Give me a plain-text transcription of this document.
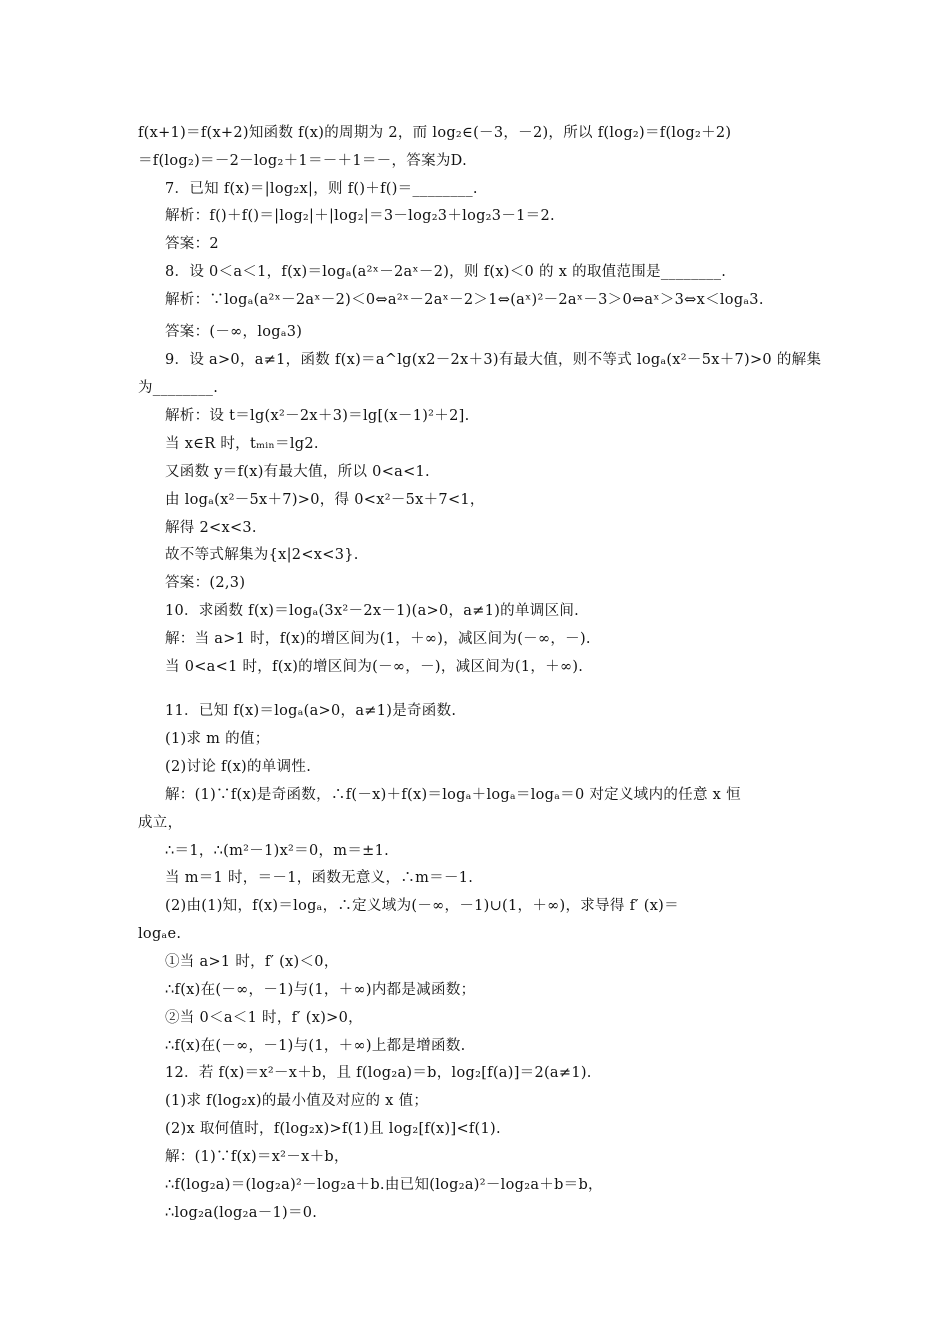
f(x+1)＝f(x+2)知函数 f(x)的周期为 2，而 log₂∈(－3，－2)，所以 f(log₂)＝f(log₂＋2)
＝f(log₂)＝－2－log₂＋1＝－＋1＝－，答案为D.
7．已知 f(x)＝|log₂x|，则 f()＋f()＝________.
解析：f()＋f()＝|log₂|＋|log₂|＝3－log₂3＋log₂3－1＝2.
答案：2
8．设 0＜a＜1，f(x)＝logₐ(a²ˣ－2aˣ－2)，则 f(x)＜0 的 x 的取值范围是________.
解析：∵logₐ(a²ˣ－2aˣ－2)＜0⇔a²ˣ－2aˣ－2＞1⇔(aˣ)²－2aˣ－3＞0⇔aˣ＞3⇔x＜logₐ3.
答案：(－∞，logₐ3)
9．设 a>0，a≠1，函数 f(x)＝a^lg(x2－2x＋3)有最大值，则不等式 logₐ(x²－5x＋7)>0 的解集
为________.
解析：设 t＝lg(x²－2x＋3)＝lg[(x－1)²＋2].
当 x∈R 时，tₘᵢₙ＝lg2.
又函数 y＝f(x)有最大值，所以 0<a<1.
由 logₐ(x²－5x＋7)>0，得 0<x²－5x＋7<1，
解得 2<x<3.
故不等式解集为{x|2<x<3}.
答案：(2,3)
10．求函数 f(x)＝logₐ(3x²－2x－1)(a>0，a≠1)的单调区间.
解：当 a>1 时，f(x)的增区间为(1，＋∞)，减区间为(－∞，－).
当 0<a<1 时，f(x)的增区间为(－∞，－)，减区间为(1，＋∞).
11．已知 f(x)＝logₐ(a>0，a≠1)是奇函数.
(1)求 m 的值；
(2)讨论 f(x)的单调性.
解：(1)∵f(x)是奇函数，∴f(－x)＋f(x)＝logₐ＋logₐ＝logₐ＝0 对定义域内的任意 x 恒
成立，
∴＝1，∴(m²－1)x²＝0，m＝±1.
当 m＝1 时，＝－1，函数无意义，∴m＝－1.
(2)由(1)知，f(x)＝logₐ，∴定义域为(－∞，－1)∪(1，＋∞)，求导得 f′ (x)＝
logₐe.
①当 a>1 时，f′ (x)＜0，
∴f(x)在(－∞，－1)与(1，＋∞)内都是减函数；
②当 0＜a＜1 时，f′ (x)>0，
∴f(x)在(－∞，－1)与(1，＋∞)上都是增函数.
12．若 f(x)＝x²－x＋b，且 f(log₂a)＝b，log₂[f(a)]＝2(a≠1).
(1)求 f(log₂x)的最小值及对应的 x 值；
(2)x 取何值时，f(log₂x)>f(1)且 log₂[f(x)]<f(1).
解：(1)∵f(x)＝x²－x＋b，
∴f(log₂a)＝(log₂a)²－log₂a＋b.由已知(log₂a)²－log₂a＋b＝b，
∴log₂a(log₂a－1)＝0.
